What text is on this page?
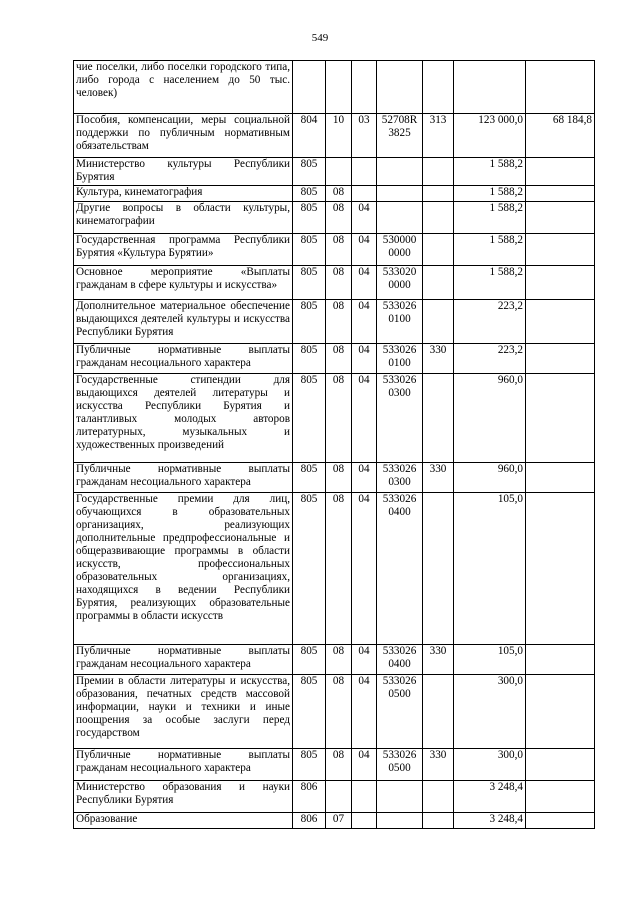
549
чие поселки, либо поселки городского типа, либо города с населением до 50 тыс. человек)							
Пособия, компенсации, меры социальной поддержки по публичным нормативным обязательствам	804	10	03	52708R 3825	313	123 000,0	68 184,8
Министерство культуры Республики Бурятия	805					1 588,2	
Культура, кинематография	805	08				1 588,2	
Другие вопросы в области культуры, кинематографии	805	08	04			1 588,2	
Государственная программа Республики Бурятия «Культура Бурятии»	805	08	04	530000 0000		1 588,2	
Основное мероприятие «Выплаты гражданам в сфере культуры и искусства»	805	08	04	533020 0000		1 588,2	
Дополнительное материальное обеспечение выдающихся деятелей культуры и искусства Республики Бурятия	805	08	04	533026 0100		223,2	
Публичные нормативные выплаты гражданам несоциального характера	805	08	04	533026 0100	330	223,2	
Государственные стипендии для выдающихся деятелей литературы и искусства Республики Бурятия и талантливых молодых авторов литературных, музыкальных и художественных произведений	805	08	04	533026 0300		960,0	
Публичные нормативные выплаты гражданам несоциального характера	805	08	04	533026 0300	330	960,0	
Государственные премии для лиц, обучающихся в образовательных организациях, реализующих дополнительные предпрофессиональные и общеразвивающие программы в области искусств, профессиональных образовательных организациях, находящихся в ведении Республики Бурятия, реализующих образовательные программы в области искусств	805	08	04	533026 0400		105,0	
Публичные нормативные выплаты гражданам несоциального характера	805	08	04	533026 0400	330	105,0	
Премии в области литературы и искусства, образования, печатных средств массовой информации, науки и техники и иные поощрения за особые заслуги перед государством	805	08	04	533026 0500		300,0	
Публичные нормативные выплаты гражданам несоциального характера	805	08	04	533026 0500	330	300,0	
Министерство образования и науки Республики Бурятия	806					3 248,4	
Образование	806	07				3 248,4	
